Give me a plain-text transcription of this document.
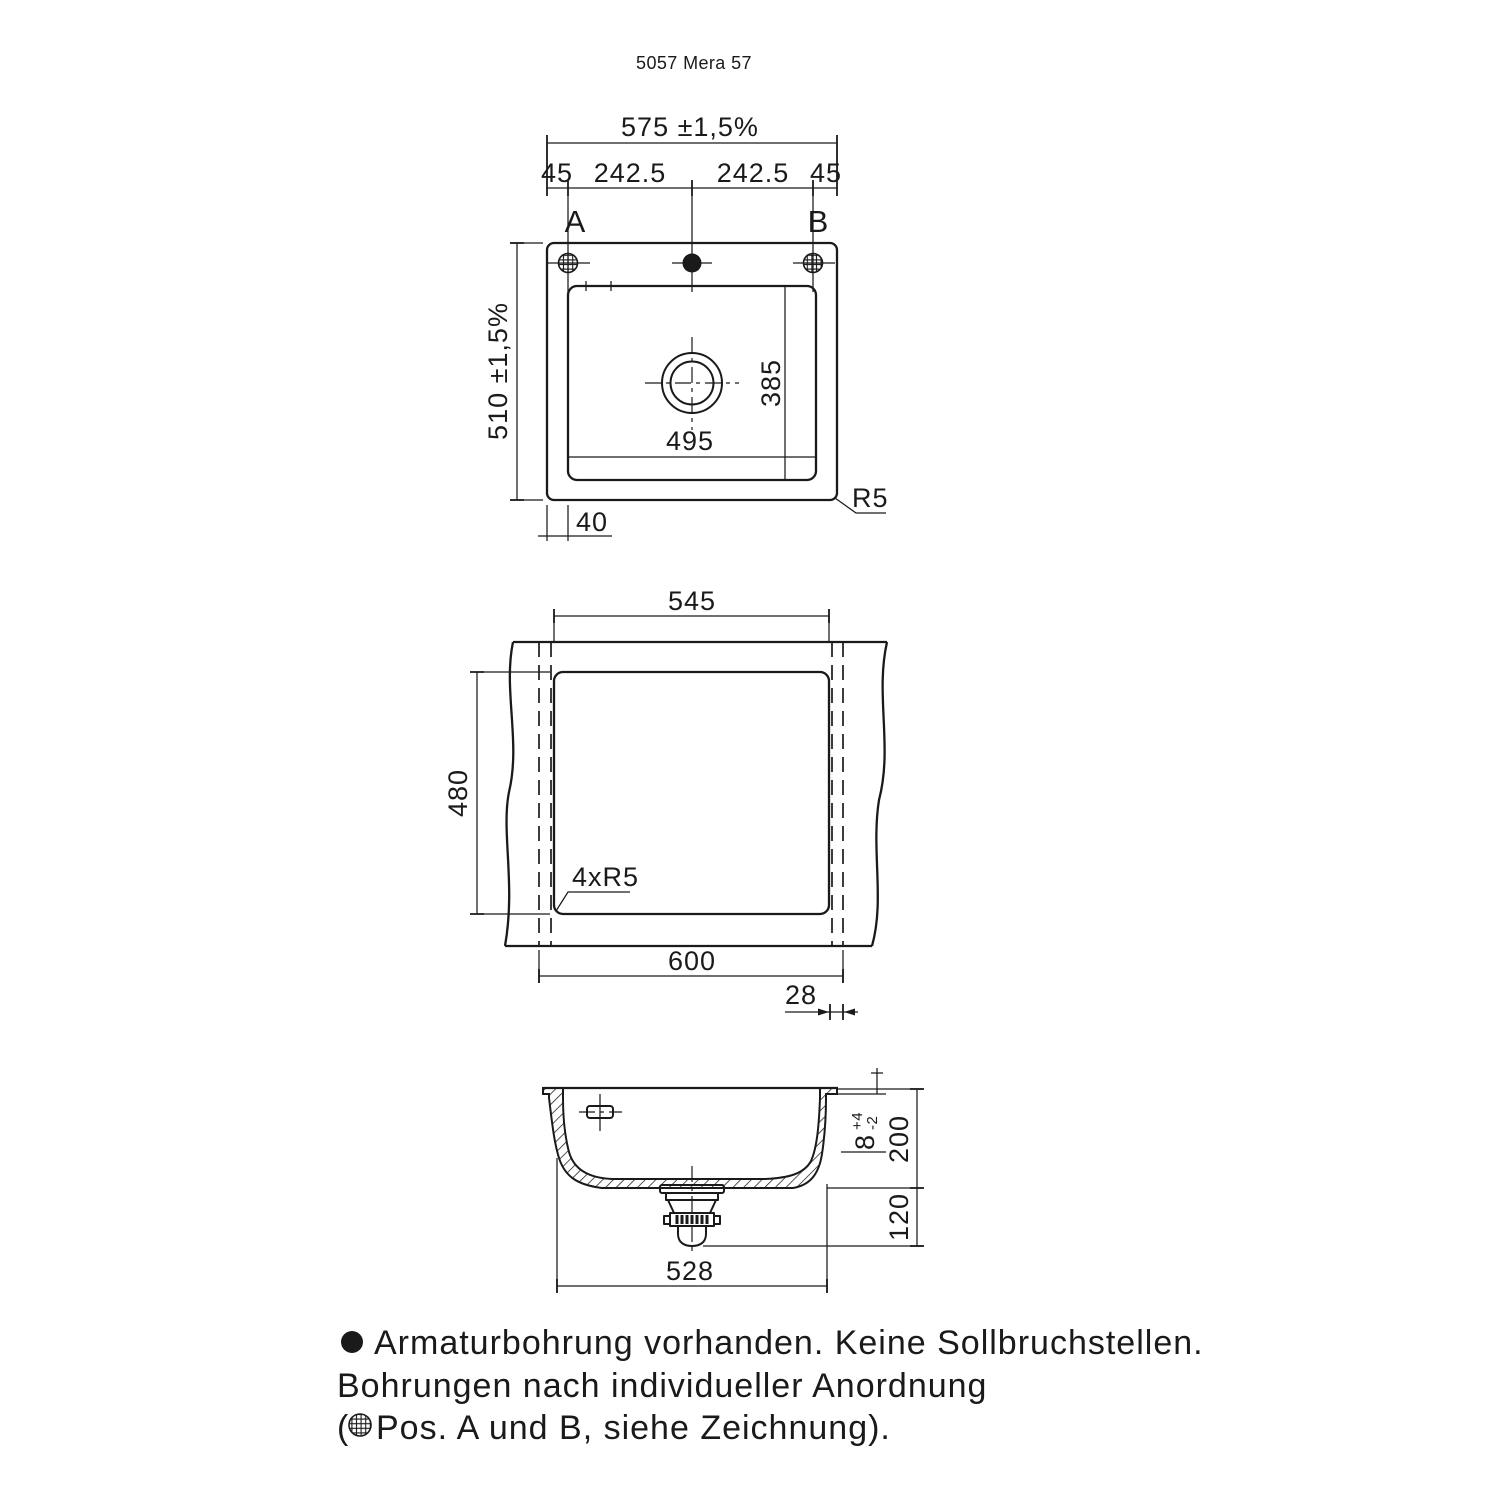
5057 Mera 57
575 ±1,5%
45 242.5 242.5 45
A	B
495
385
510 ±1,5%
R5
40
545
480
4xR5
600
28
8 +4 -2 200
120
528
Armaturbohrung vorhanden. Keine Sollbruchstellen.
Bohrungen nach individueller Anordnung
( Pos. A und B, siehe Zeichnung).
